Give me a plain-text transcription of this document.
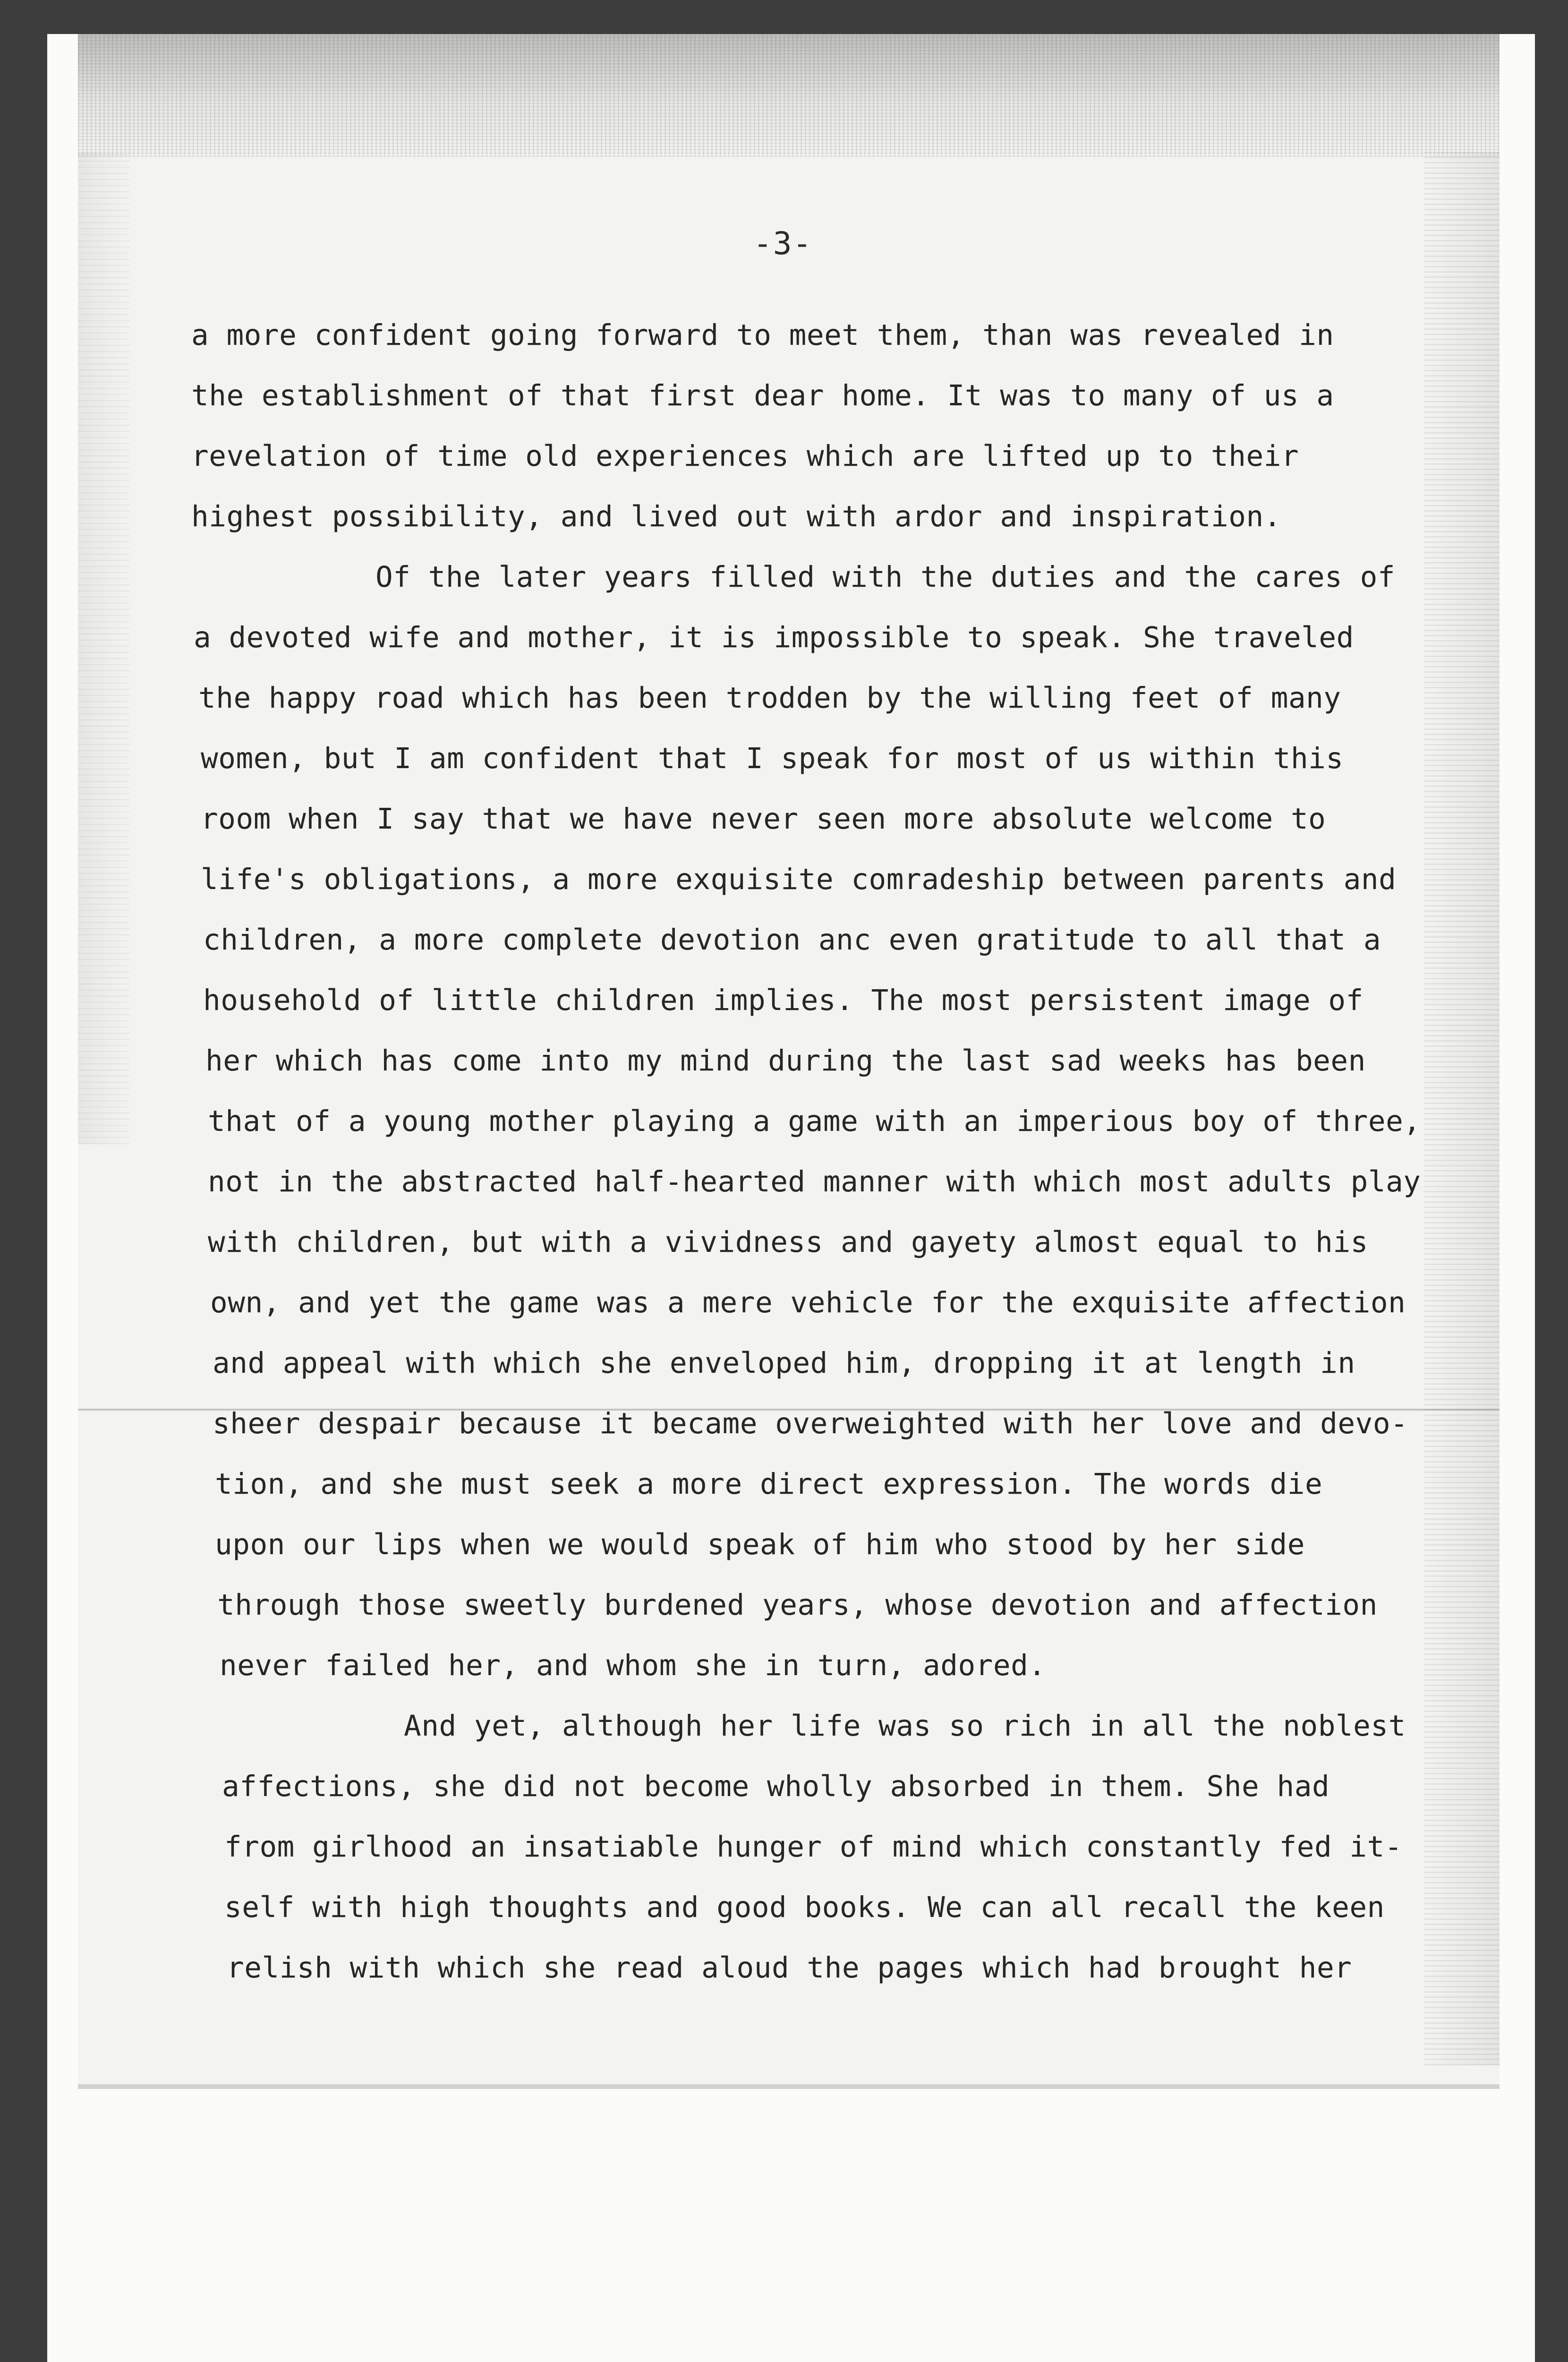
-3-
a more confident going forward to meet them, than was revealed in
the establishment of that first dear home. It was to many of us a
revelation of time old experiences which are lifted up to their
highest possibility, and lived out with ardor and inspiration.
Of the later years filled with the duties and the cares of
a devoted wife and mother, it is impossible to speak. She traveled
the happy road which has been trodden by the willing feet of many
women, but I am confident that I speak for most of us within this
room when I say that we have never seen more absolute welcome to
life's obligations, a more exquisite comradeship between parents and
children, a more complete devotion anc even gratitude to all that a
household of little children implies. The most persistent image of
her which has come into my mind during the last sad weeks has been
that of a young mother playing a game with an imperious boy of three,
not in the abstracted half-hearted manner with which most adults play
with children, but with a vividness and gayety almost equal to his
own, and yet the game was a mere vehicle for the exquisite affection
and appeal with which she enveloped him, dropping it at length in
sheer despair because it became overweighted with her love and devo-
tion, and she must seek a more direct expression. The words die
upon our lips when we would speak of him who stood by her side
through those sweetly burdened years, whose devotion and affection
never failed her, and whom she in turn, adored.
And yet, although her life was so rich in all the noblest
affections, she did not become wholly absorbed in them. She had
from girlhood an insatiable hunger of mind which constantly fed it-
self with high thoughts and good books. We can all recall the keen
relish with which she read aloud the pages which had brought her
